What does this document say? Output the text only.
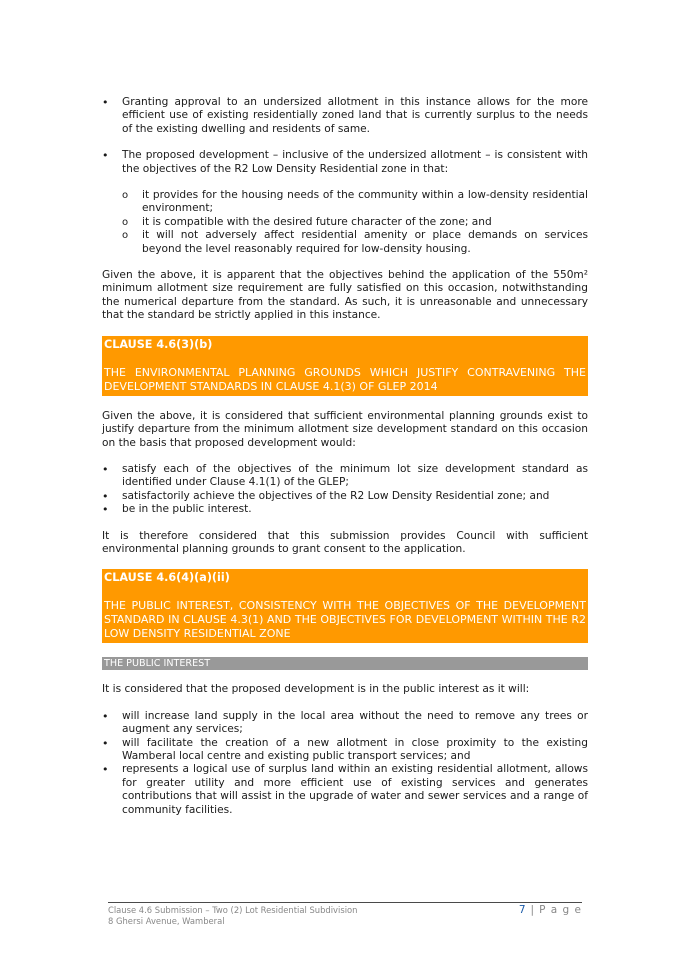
• Granting approval to an undersized allotment in this instance allows for the more efficient use of existing residentially zoned land that is currently surplus to the needs of the existing dwelling and residents of same.
• The proposed development – inclusive of the undersized allotment – is consistent with the objectives of the R2 Low Density Residential zone in that:
o it provides for the housing needs of the community within a low-density residential environment;
o it is compatible with the desired future character of the zone; and
o it will not adversely affect residential amenity or place demands on services beyond the level reasonably required for low-density housing.

Given the above, it is apparent that the objectives behind the application of the 550m² minimum allotment size requirement are fully satisfied on this occasion, notwithstanding the numerical departure from the standard. As such, it is unreasonable and unnecessary that the standard be strictly applied in this instance.

CLAUSE 4.6(3)(b)
THE ENVIRONMENTAL PLANNING GROUNDS WHICH JUSTIFY CONTRAVENING THE DEVELOPMENT STANDARDS IN CLAUSE 4.1(3) OF GLEP 2014

Given the above, it is considered that sufficient environmental planning grounds exist to justify departure from the minimum allotment size development standard on this occasion on the basis that proposed development would:

• satisfy each of the objectives of the minimum lot size development standard as identified under Clause 4.1(1) of the GLEP;
• satisfactorily achieve the objectives of the R2 Low Density Residential zone; and
• be in the public interest.

It is therefore considered that this submission provides Council with sufficient environmental planning grounds to grant consent to the application.

CLAUSE 4.6(4)(a)(ii)
THE PUBLIC INTEREST, CONSISTENCY WITH THE OBJECTIVES OF THE DEVELOPMENT STANDARD IN CLAUSE 4.3(1) AND THE OBJECTIVES FOR DEVELOPMENT WITHIN THE R2 LOW DENSITY RESIDENTIAL ZONE
THE PUBLIC INTEREST

It is considered that the proposed development is in the public interest as it will:

• will increase land supply in the local area without the need to remove any trees or augment any services;
• will facilitate the creation of a new allotment in close proximity to the existing Wamberal local centre and existing public transport services; and
• represents a logical use of surplus land within an existing residential allotment, allows for greater utility and more efficient use of existing services and generates contributions that will assist in the upgrade of water and sewer services and a range of community facilities.
Clause 4.6 Submission – Two (2) Lot Residential Subdivision
8 Ghersi Avenue, Wamberal
7 | P a g e
